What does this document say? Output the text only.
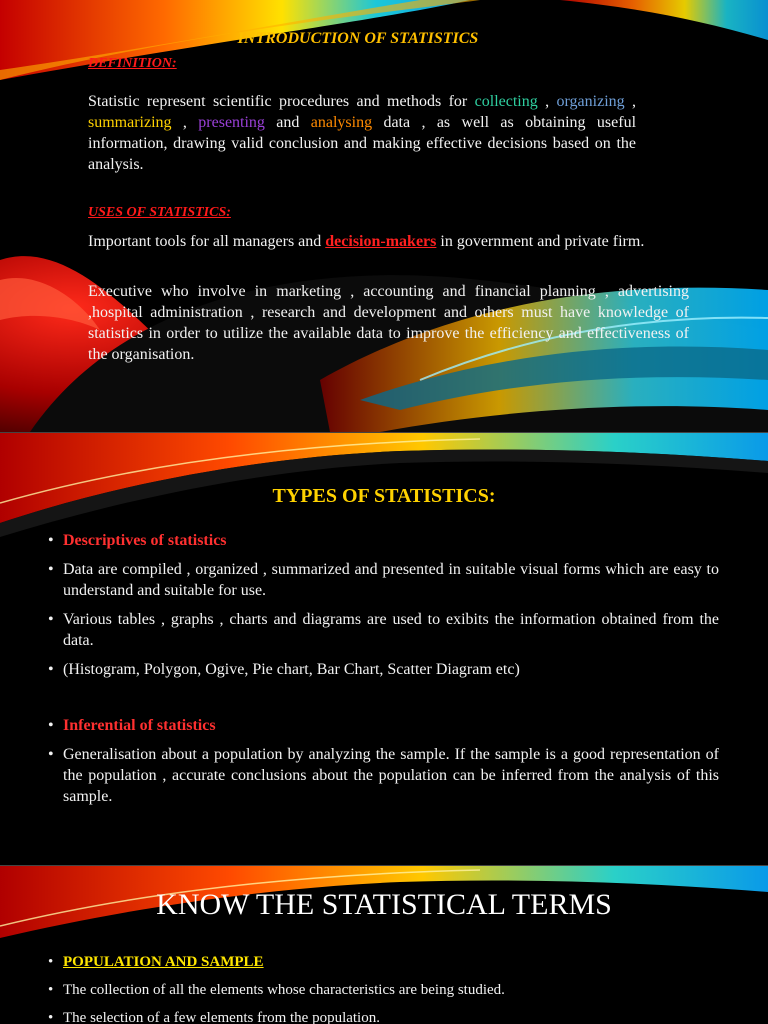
INTRODUCTION OF STATISTICS
DEFINITION:

Statistic represent scientific procedures and methods for collecting , organizing , summarizing , presenting and analysing data , as well as obtaining useful information, drawing valid conclusion and making effective decisions based on the analysis.

USES OF STATISTICS:

Important tools for all managers and decision-makers in government and private firm.

Executive who involve in marketing , accounting and financial planning , advertising ,hospital administration , research and development and others must have knowledge of statistics in order to utilize the available data to improve the efficiency and effectiveness of the organisation.

TYPES OF STATISTICS:
• Descriptives of statistics
• Data are compiled , organized , summarized and presented in suitable visual forms which are easy to understand and suitable for use.
• Various tables , graphs , charts and diagrams are used to exibits the information obtained from the data.
• (Histogram, Polygon, Ogive, Pie chart, Bar Chart, Scatter Diagram etc)
• Inferential of statistics
• Generalisation about a population by analyzing the sample. If the sample is a good representation of the population , accurate conclusions about the population can be inferred from the analysis of this sample.
KNOW THE STATISTICAL TERMS
• POPULATION AND SAMPLE
• The collection of all the elements whose characteristics are being studied.
• The selection of a few elements from the population.
